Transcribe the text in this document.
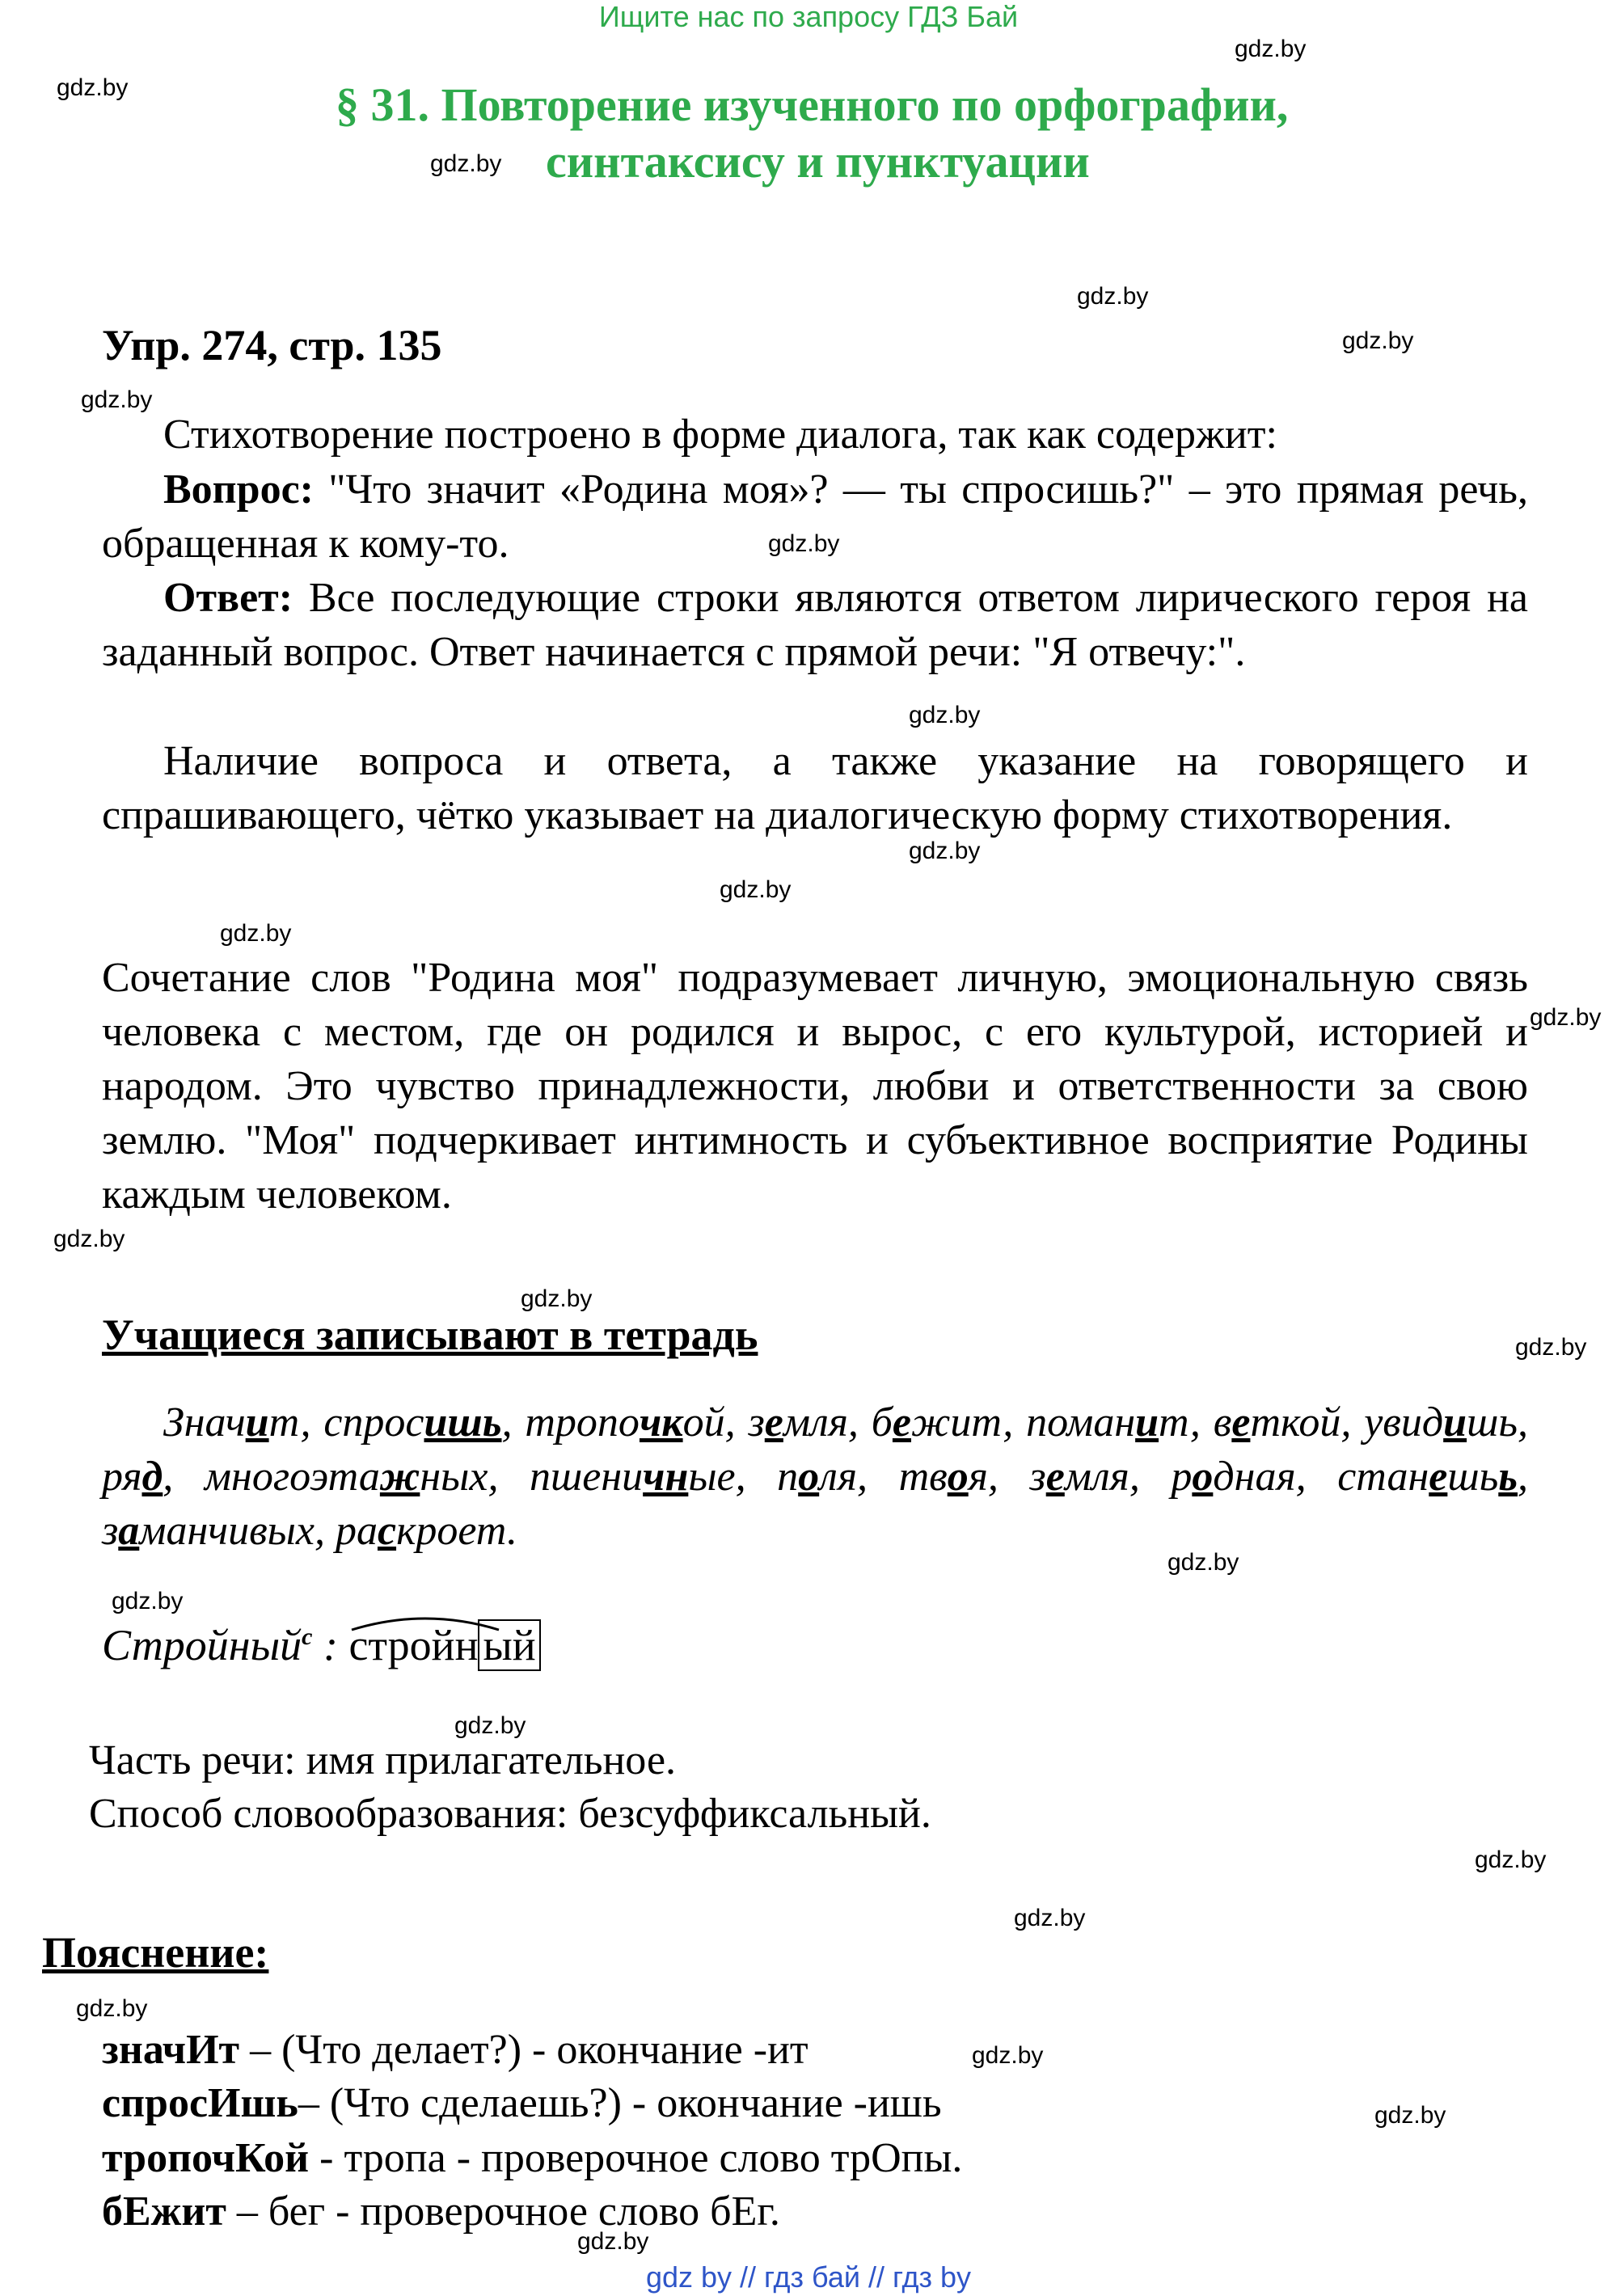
Ищите нас по запросу ГДЗ Бай
gdz.by
gdz.by
gdz.by
gdz.by
gdz.by
gdz.by
gdz.by
gdz.by
gdz.by
gdz.by
gdz.by
gdz.by
gdz.by
gdz.by
gdz.by
gdz.by
gdz.by
gdz.by
gdz.by
gdz.by
gdz.by
gdz.by
gdz.by
gdz.by
§ 31. Повторение изученного по орфографии,
синтаксису и пунктуации
Упр. 274, стр. 135
Стихотворение построено в форме диалога, так как содержит:
Вопрос: "Что значит «Родина моя»? — ты спросишь?" – это прямая речь, обращенная к кому-то.
Ответ: Все последующие строки являются ответом лирического героя на заданный вопрос. Ответ начинается с прямой речи: "Я отвечу:".
Наличие вопроса и ответа, а также указание на говорящего и спрашивающего, чётко указывает на диалогическую форму стихотворения.
Сочетание слов "Родина моя" подразумевает личную, эмоциональную связь человека с местом, где он родился и вырос, с его культурой, историей и народом. Это чувство принадлежности, любви и ответственности за свою землю. "Моя" подчеркивает интимность и субъективное восприятие Родины каждым человеком.
Учащиеся записывают в тетрадь
Значит, спросишь, тропочкой, земля, бежит, поманит, веткой, увидишь, ряд, многоэтажных, пшеничные, поля, твоя, земля, родная, станешьь, заманчивых, раскроет.
Стройный$^с$ :
стройн ый
Часть речи: имя прилагательное.
Способ словообразования: безсуффиксальный.
Пояснение:
значИт – (Что делает?) - окончание -ит
спросИшь– (Что сделаешь?) - окончание -ишь
тропочКой - тропа - проверочное слово трОпы.
бЕжит – бег - проверочное слово бЕг.
gdz by // гдз бай // гдз by
